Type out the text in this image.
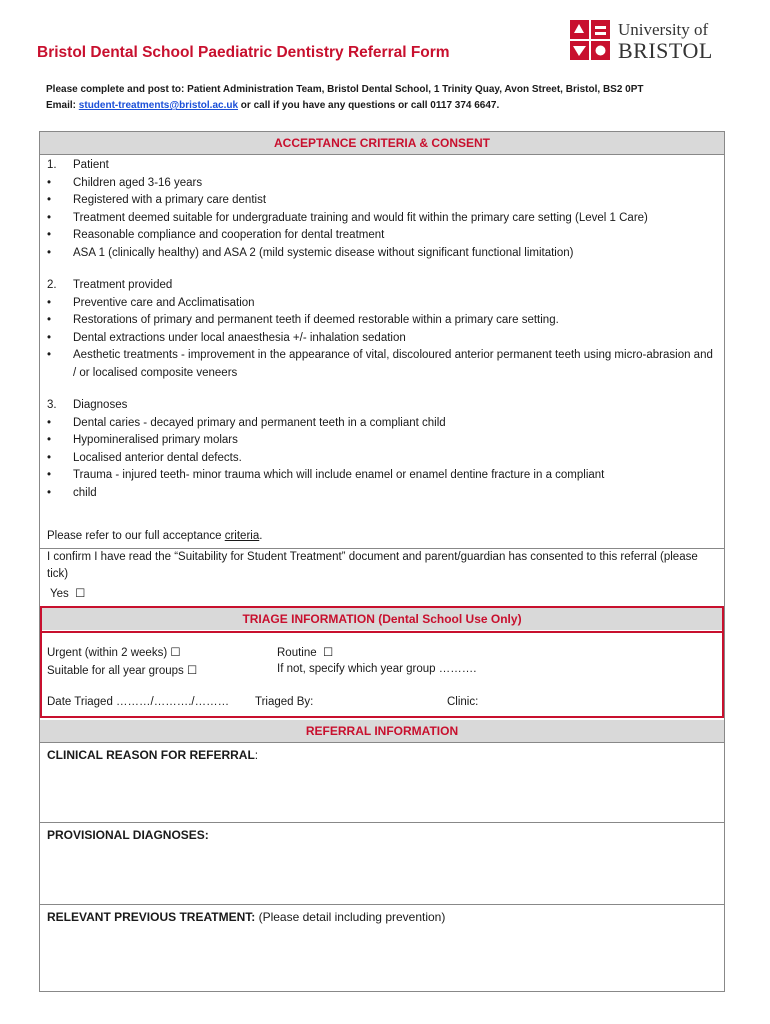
Bristol Dental School Paediatric Dentistry Referral Form
University of
BRISTOL
Please complete and post to: Patient Administration Team, Bristol Dental School, 1 Trinity Quay, Avon Street, Bristol, BS2 0PT
Email: student-treatments@bristol.ac.uk or call if you have any questions or call 0117 374 6647.
ACCEPTANCE CRITERIA & CONSENT
1.	Patient
•	Children aged 3-16 years
•	Registered with a primary care dentist
•	Treatment deemed suitable for undergraduate training and would fit within the primary care setting (Level 1 Care)
•	Reasonable compliance and cooperation for dental treatment
•	ASA 1 (clinically healthy) and ASA 2 (mild systemic disease without significant functional limitation)
2.	Treatment provided
•	Preventive care and Acclimatisation
•	Restorations of primary and permanent teeth if deemed restorable within a primary care setting.
•	Dental extractions under local anaesthesia +/- inhalation sedation
•	Aesthetic treatments - improvement in the appearance of vital, discoloured anterior permanent teeth using micro-abrasion and / or localised composite veneers
3.	Diagnoses
•	Dental caries - decayed primary and permanent teeth in a compliant child
•	Hypomineralised primary molars
•	Localised anterior dental defects.
•	Trauma - injured teeth- minor trauma which will include enamel or enamel dentine fracture in a compliant
•	child
Please refer to our full acceptance criteria.
I confirm I have read the “Suitability for Student Treatment” document and parent/guardian has consented to this referral (please tick)
Yes ☐
TRIAGE INFORMATION (Dental School Use Only)
Urgent (within 2 weeks) ☐	Routine ☐
Suitable for all year groups ☐	If not, specify which year group ……….
Date Triaged ………/………./……… Triaged By:	Clinic:
REFERRAL INFORMATION
CLINICAL REASON FOR REFERRAL:
PROVISIONAL DIAGNOSES:
RELEVANT PREVIOUS TREATMENT: (Please detail including prevention)
